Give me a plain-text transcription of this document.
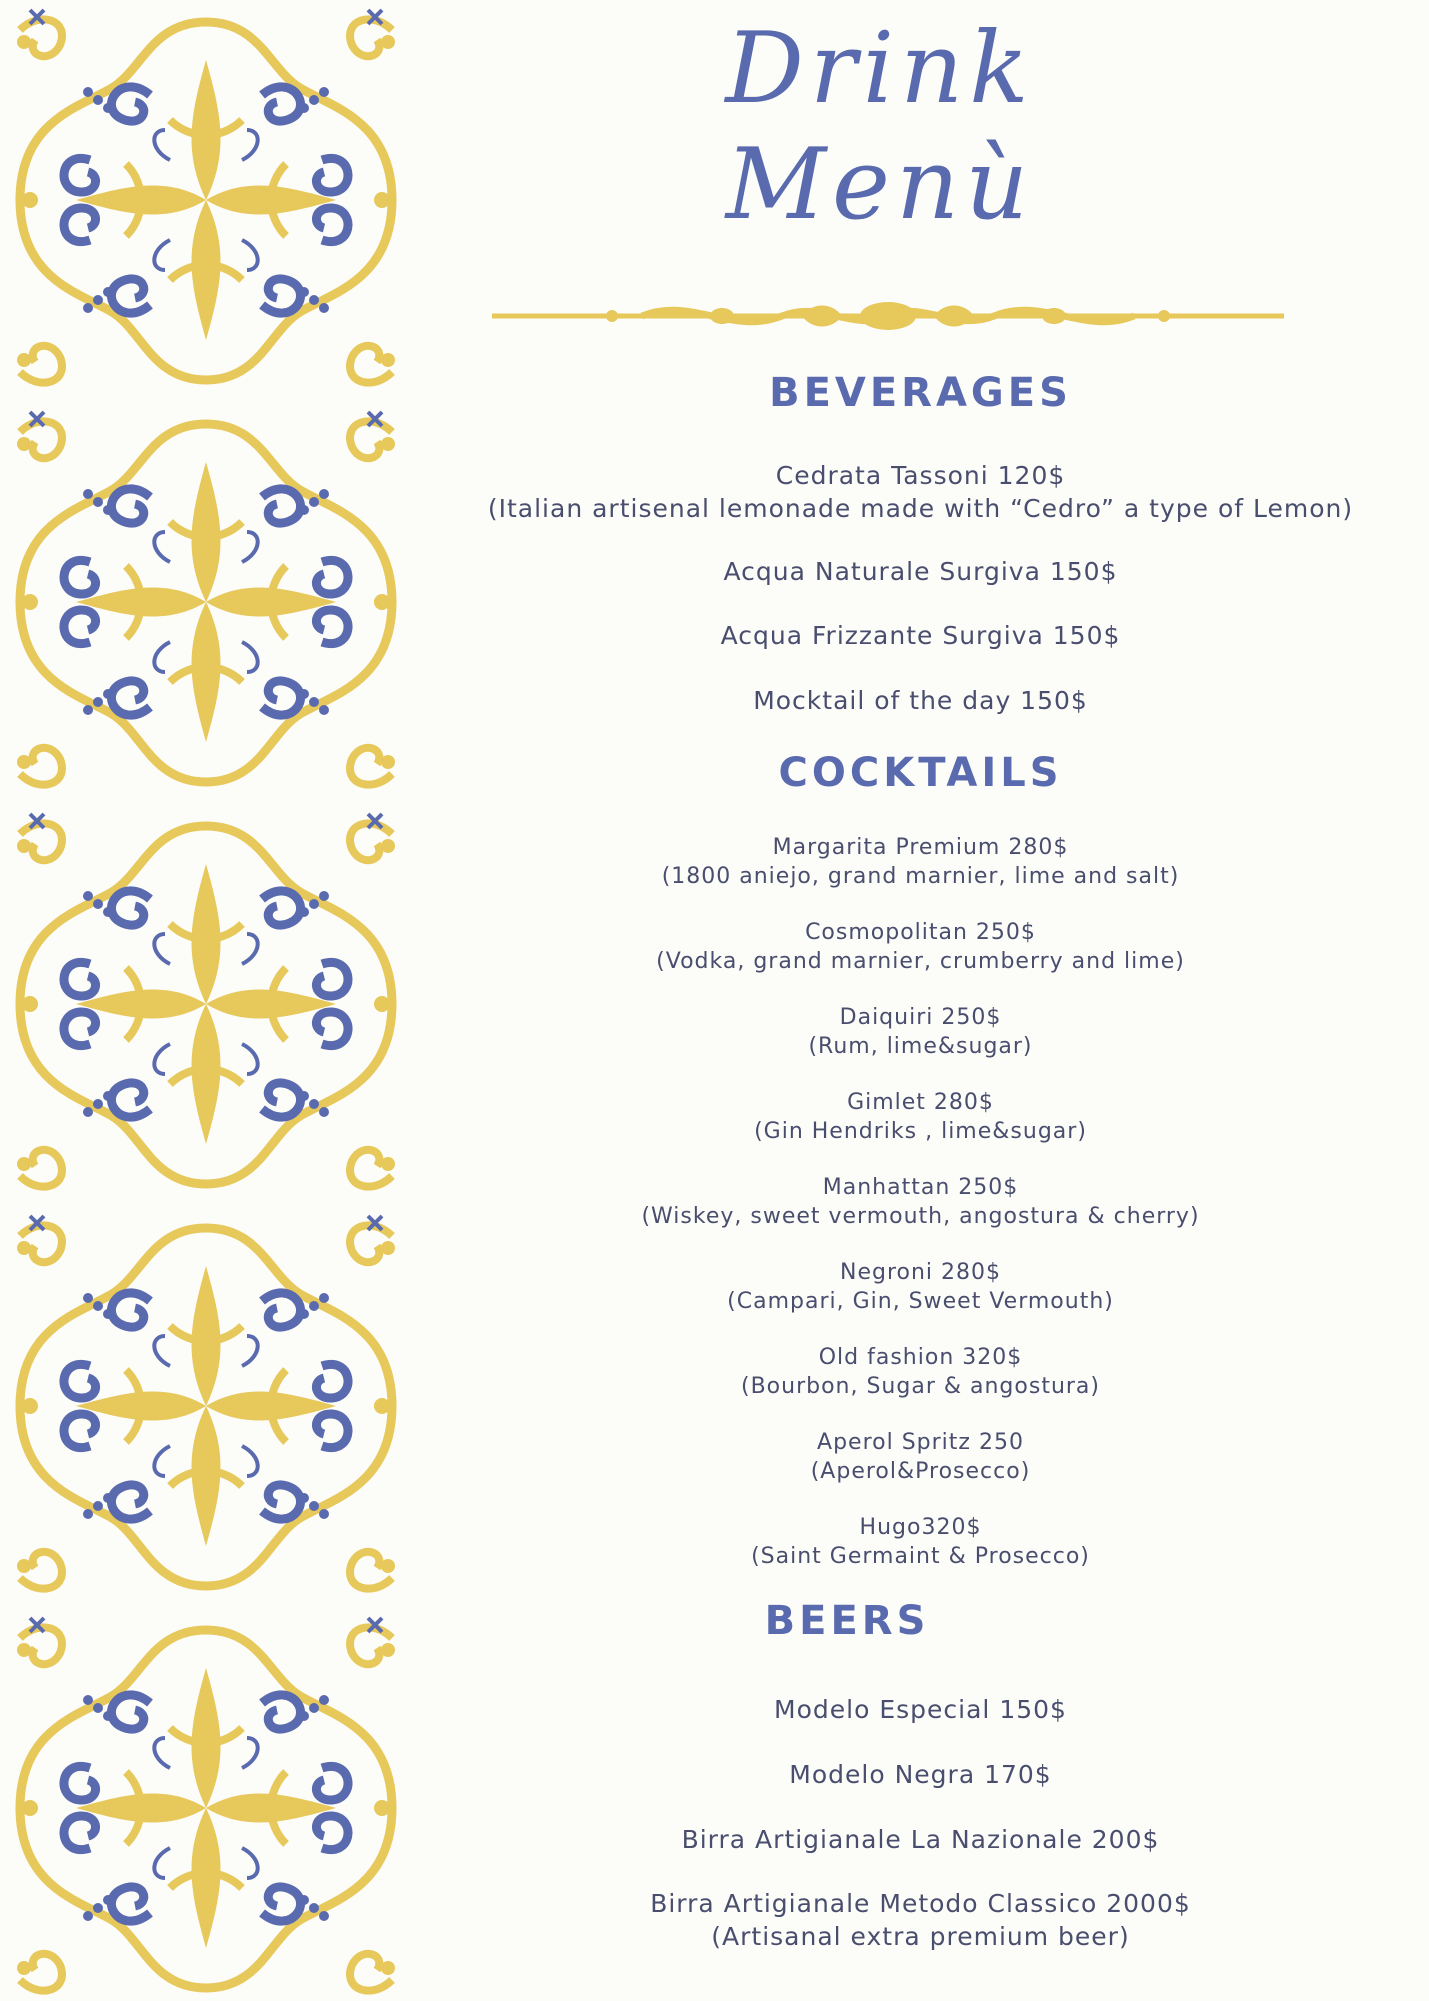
Drink
Menù
BEVERAGES
Cedrata Tassoni 120$
(Italian artisenal lemonade made with “Cedro” a type of Lemon)
Acqua Naturale Surgiva 150$
Acqua Frizzante Surgiva 150$
Mocktail of the day 150$
COCKTAILS
Margarita Premium 280$
(1800 aniejo, grand marnier, lime and salt)
Cosmopolitan 250$
(Vodka, grand marnier, crumberry and lime)
Daiquiri 250$
(Rum, lime&sugar)
Gimlet 280$
(Gin Hendriks , lime&sugar)
Manhattan 250$
(Wiskey, sweet vermouth, angostura & cherry)
Negroni 280$
(Campari, Gin, Sweet Vermouth)
Old fashion 320$
(Bourbon, Sugar & angostura)
Aperol Spritz 250
(Aperol&Prosecco)
Hugo320$
(Saint Germaint & Prosecco)
BEERS
Modelo Especial 150$
Modelo Negra 170$
Birra Artigianale La Nazionale 200$
Birra Artigianale Metodo Classico 2000$
(Artisanal extra premium beer)
